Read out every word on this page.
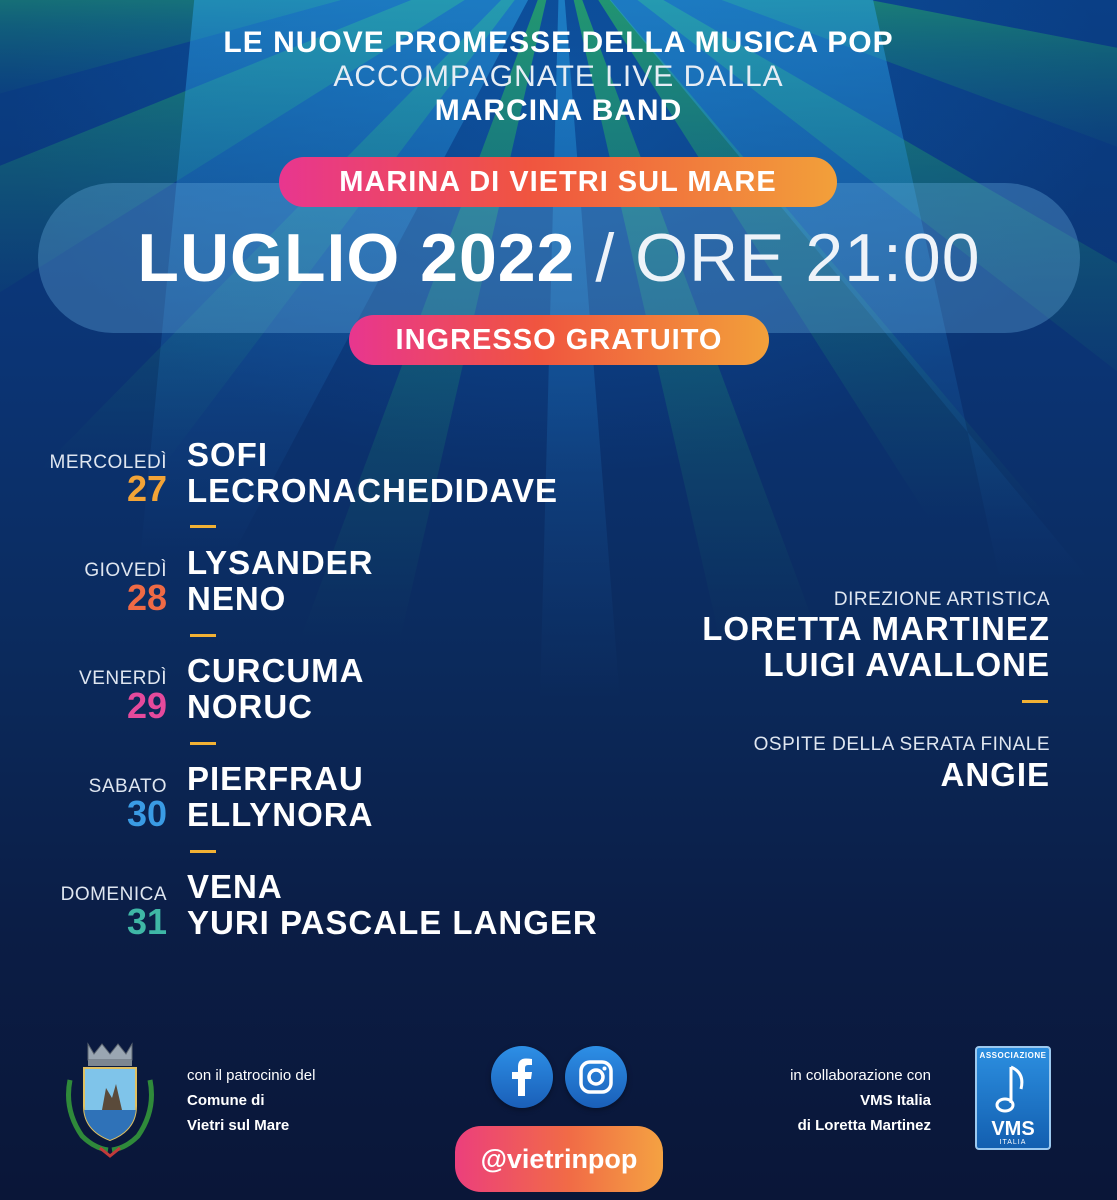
LE NUOVE PROMESSE DELLA MUSICA POP
ACCOMPAGNATE LIVE DALLA
MARCINA BAND
MARINA DI VIETRI SUL MARE
LUGLIO 2022 / ORE 21:00
INGRESSO GRATUITO
MERCOLEDÌ
27
SOFI
LECRONACHEDIDAVE
GIOVEDÌ
28
LYSANDER
NENO
VENERDÌ
29
CURCUMA
NORUC
SABATO
30
PIERFRAU
ELLYNORA
DOMENICA
31
VENA
YURI PASCALE LANGER
DIREZIONE ARTISTICA
LORETTA MARTINEZ
LUIGI AVALLONE
OSPITE DELLA SERATA FINALE
ANGIE
con il patrocinio del
Comune di
Vietri sul Mare
@vietrinpop
in collaborazione con
VMS Italia
di Loretta Martinez
ASSOCIAZIONE
VMS
ITALIA
